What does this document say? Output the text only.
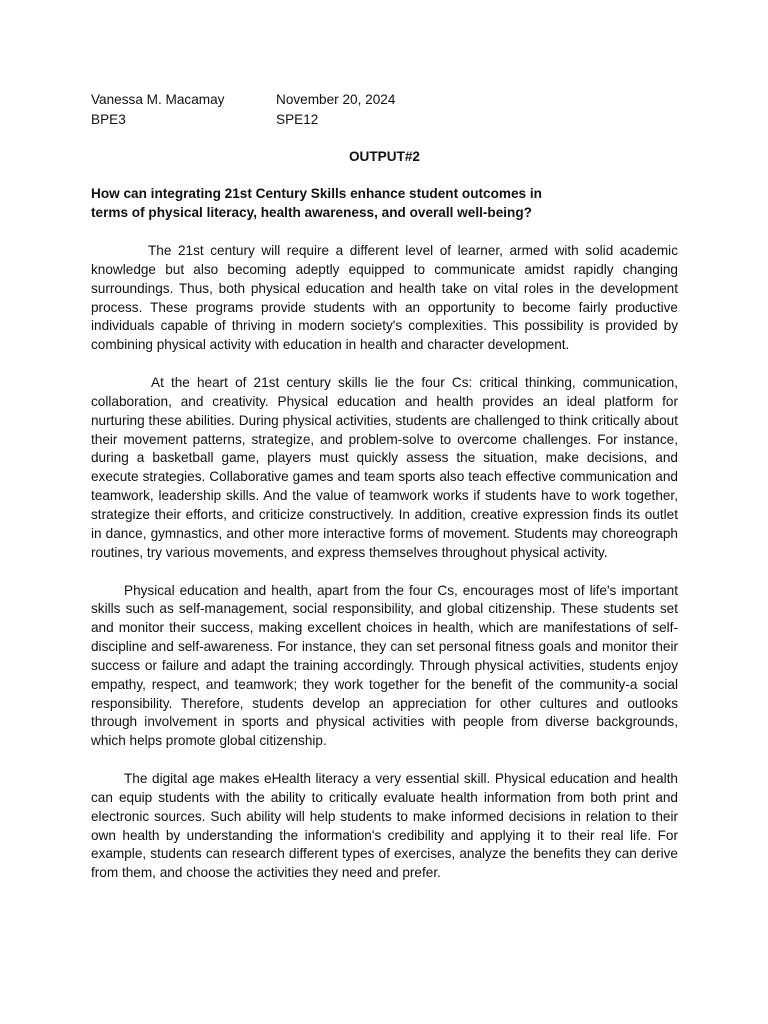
Vanessa M. Macamay	November 20, 2024
BPE3	SPE12
OUTPUT#2
How can integrating 21st Century Skills enhance student outcomes in terms of physical literacy, health awareness, and overall well-being?

The 21st century will require a different level of learner, armed with solid academic knowledge but also becoming adeptly equipped to communicate amidst rapidly changing surroundings. Thus, both physical education and health take on vital roles in the development process. These programs provide students with an opportunity to become fairly productive individuals capable of thriving in modern society's complexities. This possibility is provided by combining physical activity with education in health and character development.

At the heart of 21st century skills lie the four Cs: critical thinking, communication, collaboration, and creativity. Physical education and health provides an ideal platform for nurturing these abilities. During physical activities, students are challenged to think critically about their movement patterns, strategize, and problem-solve to overcome challenges. For instance, during a basketball game, players must quickly assess the situation, make decisions, and execute strategies. Collaborative games and team sports also teach effective communication and teamwork, leadership skills. And the value of teamwork works if students have to work together, strategize their efforts, and criticize constructively. In addition, creative expression finds its outlet in dance, gymnastics, and other more interactive forms of movement. Students may choreograph routines, try various movements, and express themselves throughout physical activity.

Physical education and health, apart from the four Cs, encourages most of life's important skills such as self-management, social responsibility, and global citizenship. These students set and monitor their success, making excellent choices in health, which are manifestations of self-discipline and self-awareness. For instance, they can set personal fitness goals and monitor their success or failure and adapt the training accordingly. Through physical activities, students enjoy empathy, respect, and teamwork; they work together for the benefit of the community-a social responsibility. Therefore, students develop an appreciation for other cultures and outlooks through involvement in sports and physical activities with people from diverse backgrounds, which helps promote global citizenship.

The digital age makes eHealth literacy a very essential skill. Physical education and health can equip students with the ability to critically evaluate health information from both print and electronic sources. Such ability will help students to make informed decisions in relation to their own health by understanding the information's credibility and applying it to their real life. For example, students can research different types of exercises, analyze the benefits they can derive from them, and choose the activities they need and prefer.
